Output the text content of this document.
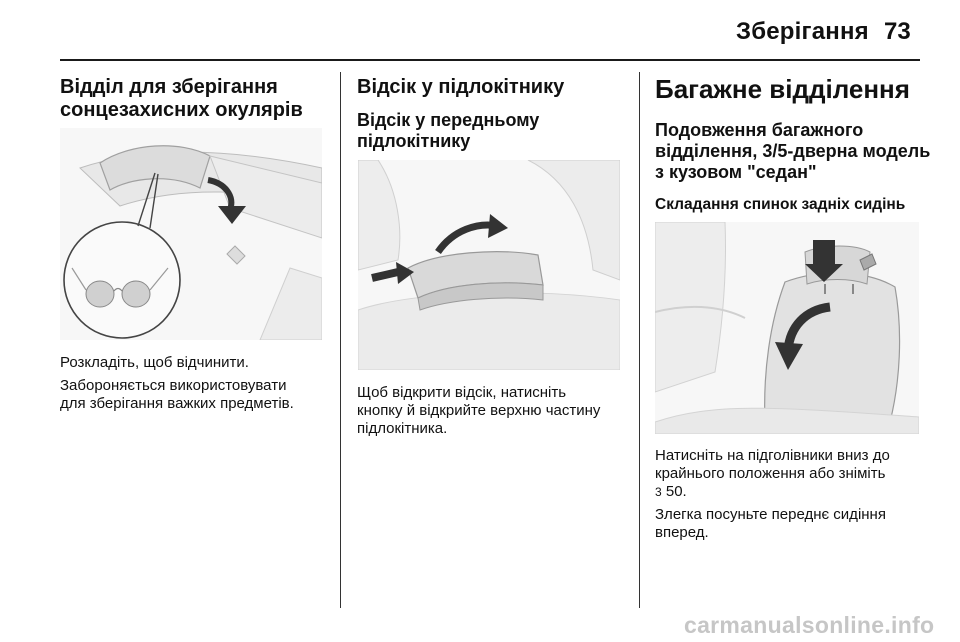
Зберігання 73
Відділ для зберігання
сонцезахисних окулярів

Розкладіть, щоб відчинити.

Забороняється використовувати
для зберігання важких предметів.

Відсік у підлокітнику
Відсік у передньому
підлокітнику

Щоб відкрити відсік, натисніть
кнопку й відкрийте верхню частину
підлокітника.

Багажне відділення
Подовження багажного
відділення, 3/5-дверна модель
з кузовом "седан"
Складання спинок задніх сидінь

Натисніть на підголівники вниз до
крайнього положення або зніміть
3 50.

Злегка посуньте переднє сидіння
вперед.

carmanualsonline.info
